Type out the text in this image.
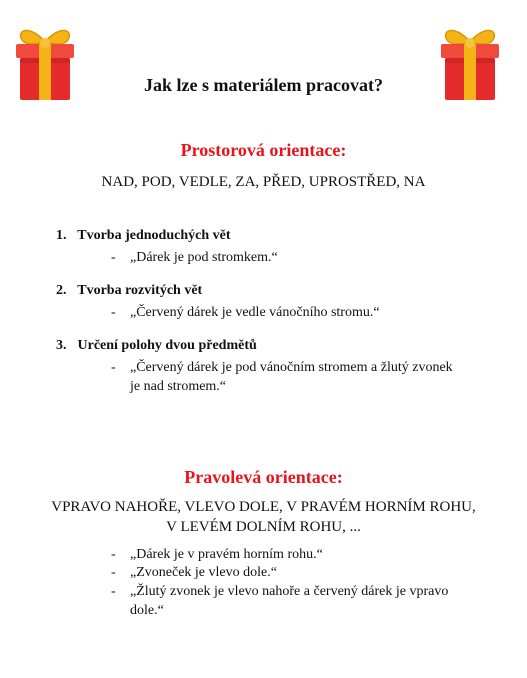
Jak lze s materiálem pracovat?
Prostorová orientace:
NAD, POD, VEDLE, ZA, PŘED, UPROSTŘED, NA
1. Tvorba jednoduchých vět
- „Dárek je pod stromkem.“
2. Tvorba rozvitých vět
- „Červený dárek je vedle vánočního stromu.“
3. Určení polohy dvou předmětů
- „Červený dárek je pod vánočním stromem a žlutý zvonek
je nad stromem.“
Pravolevá orientace:
VPRAVO NAHOŘE, VLEVO DOLE, V PRAVÉM HORNÍM ROHU,
V LEVÉM DOLNÍM ROHU, ...
- „Dárek je v pravém horním rohu.“
- „Zvoneček je vlevo dole.“
- „Žlutý zvonek je vlevo nahoře a červený dárek je vpravo
dole.“
